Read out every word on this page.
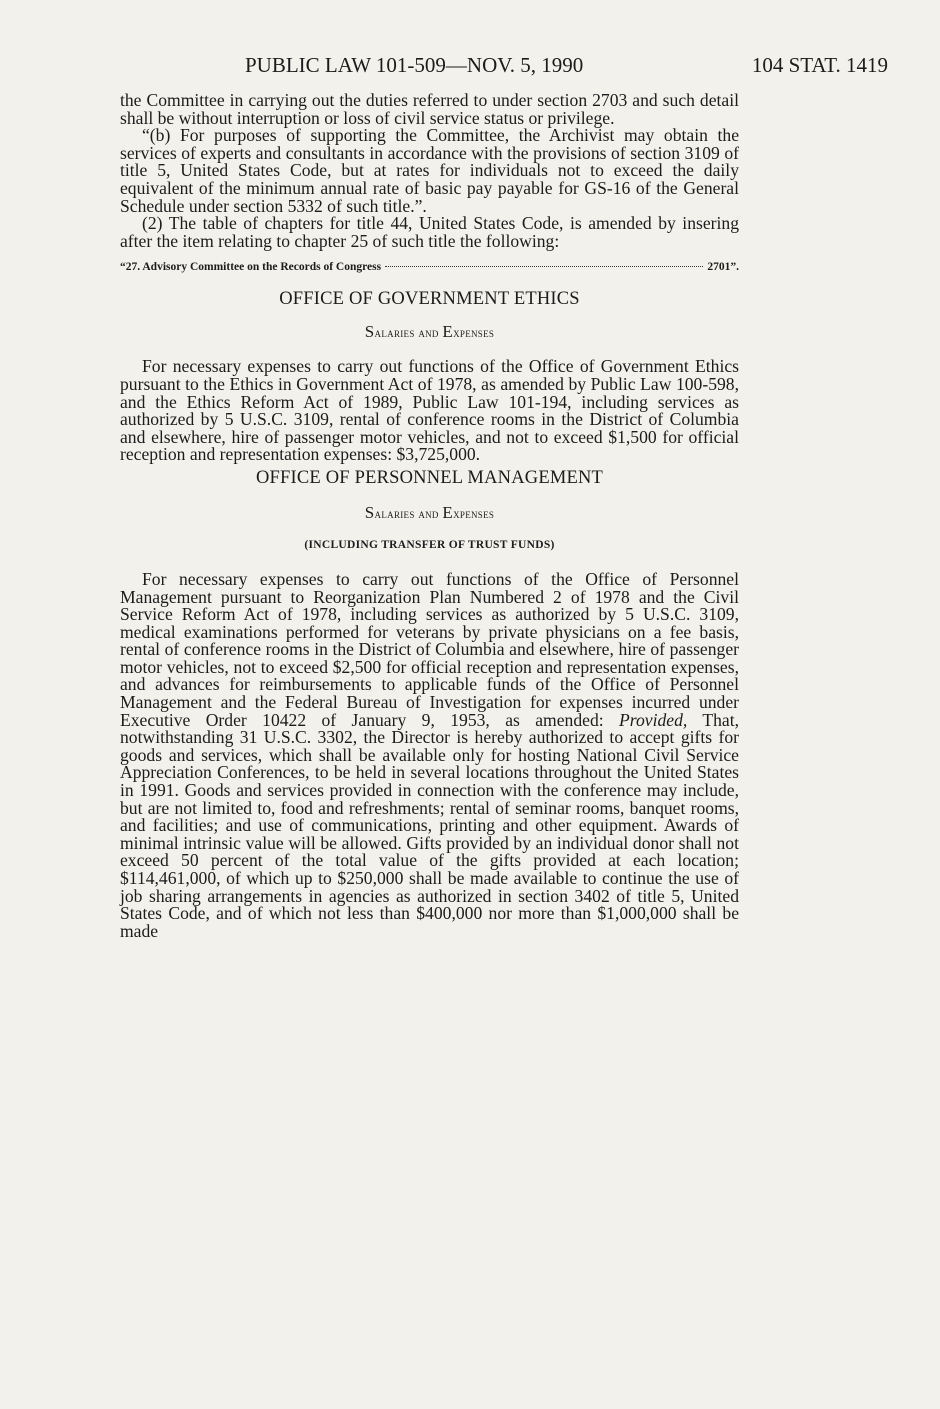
PUBLIC LAW 101-509—NOV. 5, 1990	104 STAT. 1419

the Committee in carrying out the duties referred to under section 2703 and such detail shall be without interruption or loss of civil service status or privilege.

“(b) For purposes of supporting the Committee, the Archivist may obtain the services of experts and consultants in accordance with the provisions of section 3109 of title 5, United States Code, but at rates for individuals not to exceed the daily equivalent of the minimum annual rate of basic pay payable for GS-16 of the General Schedule under section 5332 of such title.”.

(2) The table of chapters for title 44, United States Code, is amended by insering after the item relating to chapter 25 of such title the following:

“27. Advisory Committee on the Records of Congress	2701”.
OFFICE OF GOVERNMENT ETHICS
Salaries and Expenses

For necessary expenses to carry out functions of the Office of Government Ethics pursuant to the Ethics in Government Act of 1978, as amended by Public Law 100-598, and the Ethics Reform Act of 1989, Public Law 101-194, including services as authorized by 5 U.S.C. 3109, rental of conference rooms in the District of Columbia and elsewhere, hire of passenger motor vehicles, and not to exceed $1,500 for official reception and representation expenses: $3,725,000.

OFFICE OF PERSONNEL MANAGEMENT
Salaries and Expenses
(INCLUDING TRANSFER OF TRUST FUNDS)

For necessary expenses to carry out functions of the Office of Personnel Management pursuant to Reorganization Plan Numbered 2 of 1978 and the Civil Service Reform Act of 1978, including services as authorized by 5 U.S.C. 3109, medical examinations performed for veterans by private physicians on a fee basis, rental of conference rooms in the District of Columbia and elsewhere, hire of passenger motor vehicles, not to exceed $2,500 for official reception and representation expenses, and advances for reimbursements to applicable funds of the Office of Personnel Management and the Federal Bureau of Investigation for expenses incurred under Executive Order 10422 of January 9, 1953, as amended: Provided, That, notwithstanding 31 U.S.C. 3302, the Director is hereby authorized to accept gifts for goods and services, which shall be available only for hosting National Civil Service Appreciation Conferences, to be held in several locations throughout the United States in 1991. Goods and services provided in connection with the conference may include, but are not limited to, food and refreshments; rental of seminar rooms, banquet rooms, and facilities; and use of communications, printing and other equipment. Awards of minimal intrinsic value will be allowed. Gifts provided by an individual donor shall not exceed 50 percent of the total value of the gifts provided at each location; $114,461,000, of which up to $250,000 shall be made available to continue the use of job sharing arrangements in agencies as authorized in section 3402 of title 5, United States Code, and of which not less than $400,000 nor more than $1,000,000 shall be made
